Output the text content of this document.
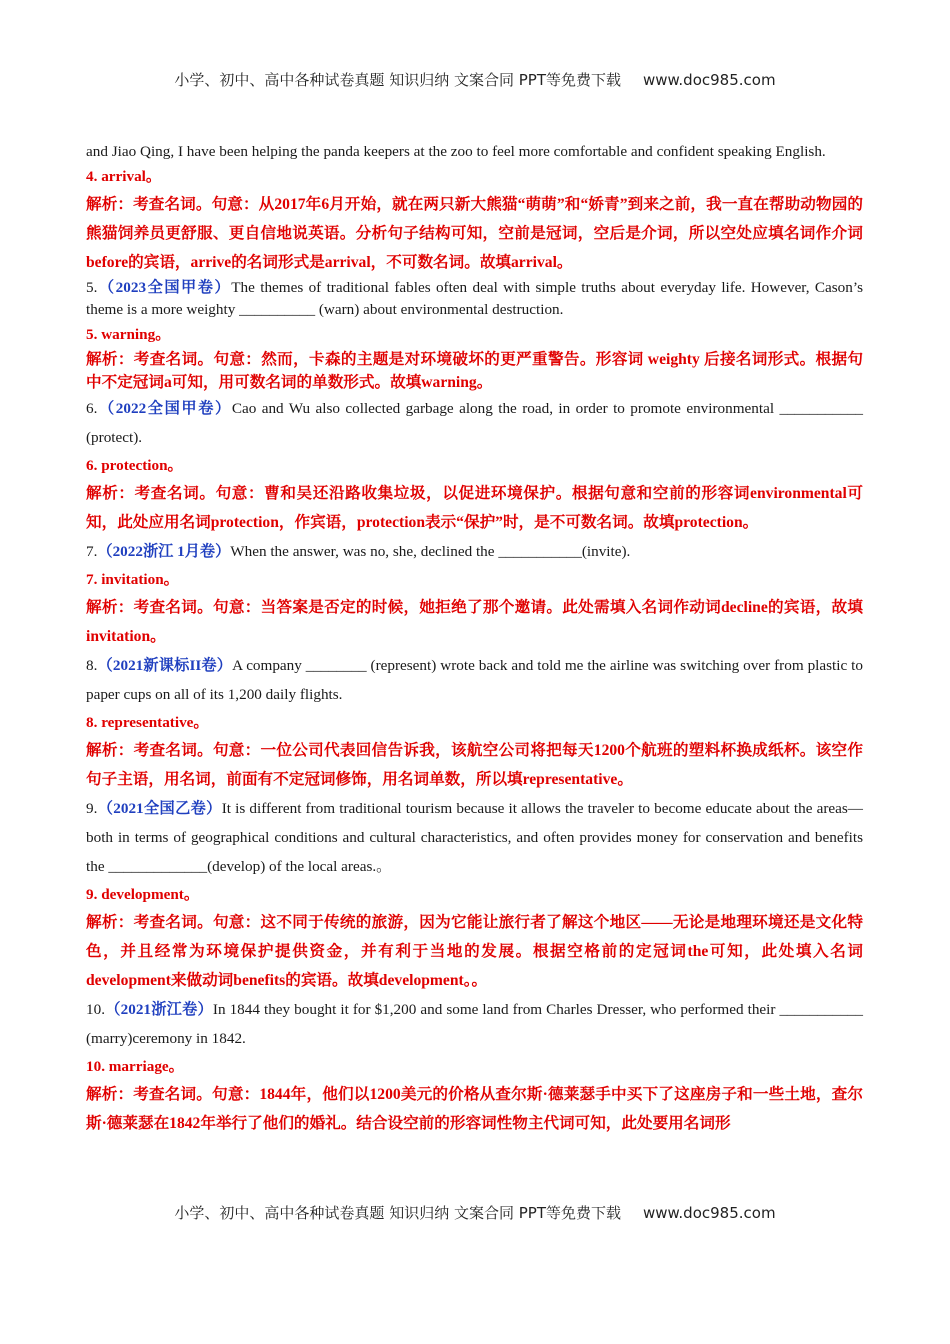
小学、初中、高中各种试卷真题 知识归纳 文案合同 PPT等免费下载 www.doc985.com

and Jiao Qing, I have been helping the panda keepers at the zoo to feel more comfortable and confident speaking English.

4. arrival。

解析：考查名词。句意：从2017年6月开始，就在两只新大熊猫“萌萌”和“娇青”到来之前，我一直在帮助动物园的熊猫饲养员更舒服、更自信地说英语。分析句子结构可知，空前是冠词，空后是介词，所以空处应填名词作介词before的宾语，arrive的名词形式是arrival，不可数名词。故填arrival。

5.（2023全国甲卷）The themes of traditional fables often deal with simple truths about everyday life. However, Cason’s theme is a more weighty __________ (warn) about environmental destruction.

5. warning。

解析：考查名词。句意：然而，卡森的主题是对环境破坏的更严重警告。形容词 weighty 后接名词形式。根据句中不定冠词a可知，用可数名词的单数形式。故填warning。

6.（2022全国甲卷）Cao and Wu also collected garbage along the road, in order to promote environmental ___________ (protect).

6. protection。

解析：考查名词。句意：曹和吴还沿路收集垃圾，以促进环境保护。根据句意和空前的形容词environmental可知，此处应用名词protection，作宾语，protection表示“保护”时，是不可数名词。故填protection。

7.（2022浙江 1月卷）When the answer, was no, she, declined the ___________(invite).

7. invitation。

解析：考查名词。句意：当答案是否定的时候，她拒绝了那个邀请。此处需填入名词作动词decline的宾语，故填invitation。

8.（2021新课标II卷）A company ________ (represent) wrote back and told me the airline was switching over from plastic to paper cups on all of its 1,200 daily flights.

8. representative。

解析：考查名词。句意：一位公司代表回信告诉我，该航空公司将把每天1200个航班的塑料杯换成纸杯。该空作句子主语，用名词，前面有不定冠词修饰，用名词单数，所以填representative。

9.（2021全国乙卷）It is different from traditional tourism because it allows the traveler to become educate about the areas—both in terms of geographical conditions and cultural characteristics, and often provides money for conservation and benefits the _____________(develop) of the local areas.。

9. development。

解析：考查名词。句意：这不同于传统的旅游，因为它能让旅行者了解这个地区——无论是地理环境还是文化特色，并且经常为环境保护提供资金，并有利于当地的发展。根据空格前的定冠词the可知，此处填入名词development来做动词benefits的宾语。故填development。。

10.（2021浙江卷）In 1844 they bought it for $1,200 and some land from Charles Dresser, who performed their ___________ (marry)ceremony in 1842.

10. marriage。

解析：考查名词。句意：1844年，他们以1200美元的价格从查尔斯·德莱瑟手中买下了这座房子和一些土地，查尔斯·德莱瑟在1842年举行了他们的婚礼。结合设空前的形容词性物主代词可知，此处要用名词形

小学、初中、高中各种试卷真题 知识归纳 文案合同 PPT等免费下载 www.doc985.com
